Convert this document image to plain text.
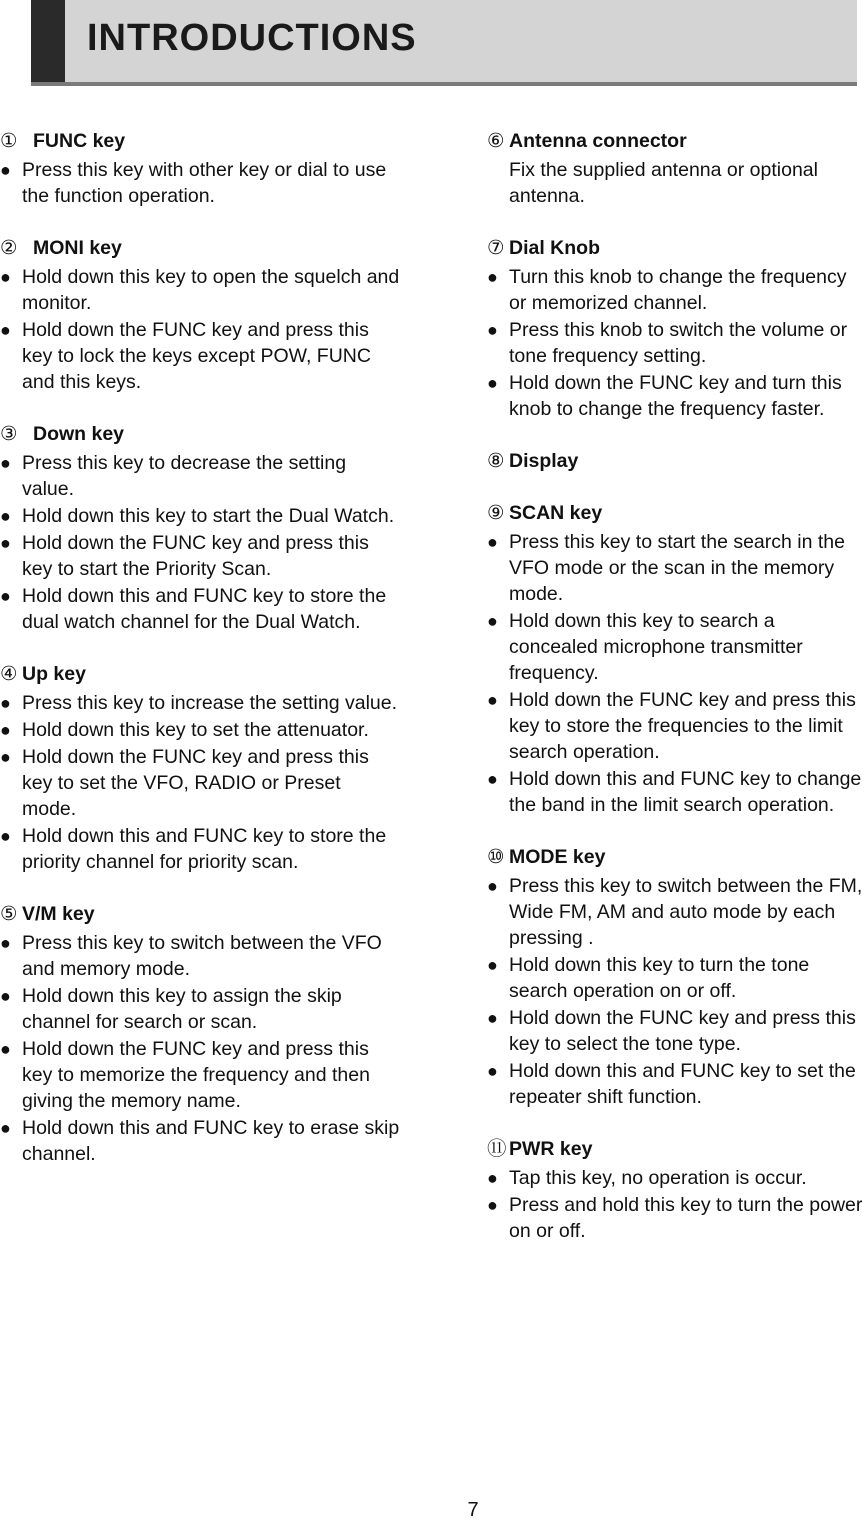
INTRODUCTIONS
① FUNC key
● Press this key with other key or dial to use the function operation.
② MONI key
● Hold down this key to open the squelch and monitor.
● Hold down the FUNC key and press this key to lock the keys except POW, FUNC and this keys.
③ Down key
● Press this key to decrease the setting value.
● Hold down this key to start the Dual Watch.
● Hold down the FUNC key and press this key to start the Priority Scan.
● Hold down this and FUNC key to store the dual watch channel for the Dual Watch.
④ Up key
● Press this key to increase the setting value.
● Hold down this key to set the attenuator.
● Hold down the FUNC key and press this key to set the VFO, RADIO or Preset mode.
● Hold down this and FUNC key to store the priority channel for priority scan.
⑤ V/M key
● Press this key to switch between the VFO and memory mode.
● Hold down this key to assign the skip channel for search or scan.
● Hold down the FUNC key and press this key to memorize the frequency and then giving the memory name.
● Hold down this and FUNC key to erase skip channel.
⑥ Antenna connector
Fix the supplied antenna or optional antenna.
⑦ Dial Knob
● Turn this knob to change the frequency or memorized channel.
● Press this knob to switch the volume or tone frequency setting.
● Hold down the FUNC key and turn this knob to change the frequency faster.
⑧ Display
⑨ SCAN key
● Press this key to start the search in the VFO mode or the scan in the memory mode.
● Hold down this key to search a concealed microphone transmitter frequency.
● Hold down the FUNC key and press this key to store the frequencies to the limit search operation.
● Hold down this and FUNC key to change the band in the limit search operation.
⑩ MODE key
● Press this key to switch between the FM, Wide FM, AM and auto mode by each pressing .
● Hold down this key to turn the tone search operation on or off.
● Hold down the FUNC key and press this key to select the tone type.
● Hold down this and FUNC key to set the repeater shift function.
⑪ PWR key
● Tap this key, no operation is occur.
● Press and hold this key to turn the power on or off.
7
